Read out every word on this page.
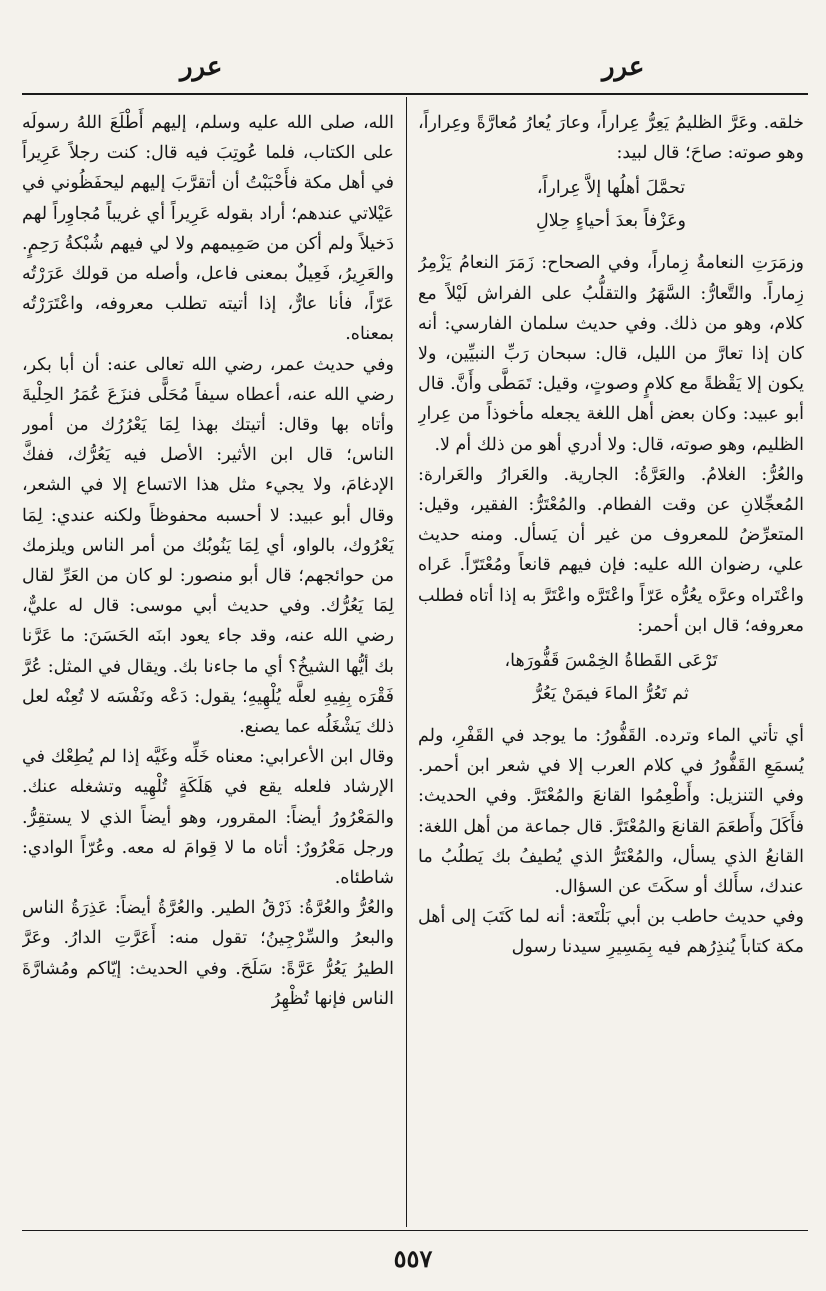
عرر
عرر

خلقه. وعَرَّ الظليمُ يَعِرُّ عِراراً، وعارَ يُعارُ مُعارَّةً وعِراراً، وهو صوته: صاحَ؛ قال لبيد:

تحمَّلَ أهلُها إلاَّ عِراراً،
وعَزْفاً بعدَ أحياءٍ حِلالِ

وزمَرَتِ النعامةُ زِماراً، وفي الصحاح: زَمَرَ النعامُ يَزْمِرُ زِماراً. والتَّعارُّ: السَّهَرُ والتقلُّبُ على الفراش لَيْلاً مع كلام، وهو من ذلك. وفي حديث سلمان الفارسي: أنه كان إذا تعارَّ من الليل، قال: سبحان رَبِّ النبيِّين، ولا يكون إلا يَقْظةً مع كلامٍ وصوتٍ، وقيل: تَمَطَّى وأَنَّ. قال أبو عبيد: وكان بعض أهل اللغة يجعله مأخوذاً من عِرارِ الظليم، وهو صوته، قال: ولا أدري أهو من ذلك أم لا.

والعُرُّ: الغلامُ. والعَرَّةُ: الجارية. والعَرارُ والعَرارة: المُعجِّلانِ عن وقت الفطام. والمُعْتَرُّ: الفقير، وقيل: المتعرِّضُ للمعروف من غير أن يَسأل. ومنه حديث علي، رضوان الله عليه: فإن فيهم قانعاً ومُعْتَرّاً. عَراه واعْتَراه وعرَّه يعُرُّه عَرّاً واعْتَرَّه واعْتَرَّ به إذا أتاه فطلب معروفه؛ قال ابن أحمر:

تَرْعَى القَطاةُ الخِمْسَ قَفُّورَها،
ثم تَعُرُّ الماءَ فيمَنْ يَعُرُّ

أي تأتي الماء وترده. القَفُّورُ: ما يوجد في القَفْرِ، ولم يُسمَعِ القَفُّورُ في كلام العرب إلا في شعر ابن أحمر. وفي التنزيل: وأَطْعِمُوا القانعَ والمُعْتَرَّ. وفي الحديث: فأَكَلَ وأَطعَمَ القانعَ والمُعْتَرَّ. قال جماعة من أهل اللغة: القانعُ الذي يسأل، والمُعْتَرُّ الذي يُطيفُ بك يَطلُبُ ما عندك، سأَلك أو سكَتَ عن السؤال.

وفي حديث حاطب بن أبي بَلْتَعة: أنه لما كَتَبَ إلى أهل مكة كتاباً يُنذِرُهم فيه بِمَسِيرِ سيدنا رسول

الله، صلى الله عليه وسلم، إليهم أَطْلَعَ اللهُ رسولَه على الكتاب، فلما عُوتِبَ فيه قال: كنت رجلاً عَرِيراً في أهل مكة فأَحْبَبْتُ أن أتقرَّبَ إليهم ليحفَظُوني في عَيْلاتي عندهم؛ أراد بقوله عَرِيراً أي غريباً مُجاوِراً لهم دَخيلاً ولم أكن من صَمِيمهم ولا لي فيهم شُبْكةُ رَحِمٍ. والعَرِيرُ، فَعِيلٌ بمعنى فاعل، وأصله من قولك عَرَرْتُه عَرّاً، فأنا عارٌّ، إذا أتيته تطلب معروفه، واعْتَرَرْتُه بمعناه.

وفي حديث عمر، رضي الله تعالى عنه: أن أبا بكر، رضي الله عنه، أعطاه سيفاً مُحَلًّى فنزَعَ عُمَرُ الحِلْيةَ وأتاه بها وقال: أتيتك بهذا لِمَا يَعْرُرُك من أمور الناس؛ قال ابن الأثير: الأصل فيه يَعُرُّك، ففكَّ الإدغامَ، ولا يجيء مثل هذا الاتساع إلا في الشعر، وقال أبو عبيد: لا أحسبه محفوظاً ولكنه عندي: لِمَا يَعْرُوك، بالواو، أي لِمَا يَنُوبُك من أمر الناس ويلزمك من حوائجهم؛ قال أبو منصور: لو كان من العَرِّ لقال لِمَا يَعُرُّك. وفي حديث أبي موسى: قال له عليٌّ، رضي الله عنه، وقد جاء يعود ابنَه الحَسَنَ: ما عَرَّنا بك أيُّها الشيخُ؟ أي ما جاءنا بك. ويقال في المثل: عُرَّ فَقْرَه بِفِيهِ لعلَّه يُلْهِيهِ؛ يقول: دَعْه ونَفْسَه لا تُعِنْه لعل ذلك يَشْغَلُه عما يصنع.

وقال ابن الأعرابي: معناه خَلِّه وغَيَّه إذا لم يُطِعْك في الإرشاد فلعله يقع في هَلَكَةٍ تُلْهِيه وتشغله عنك. والمَعْرُورُ أيضاً: المقرور، وهو أيضاً الذي لا يستقِرُّ. ورجل مَعْرُورٌ: أتاه ما لا قِوامَ له معه. وعُرّاً الوادي: شاطئاه.

والعُرُّ والعُرَّةُ: ذَرْقُ الطير. والعُرَّةُ أيضاً: عَذِرَةُ الناس والبعرُ والسِّرْجِينُ؛ تقول منه: أَعَرَّتِ الدارُ. وعَرَّ الطيرُ يَعُرُّ عَرَّةً: سَلَحَ. وفي الحديث: إيّاكم ومُشارَّةَ الناس فإنها تُظْهِرُ

٥٥٧
